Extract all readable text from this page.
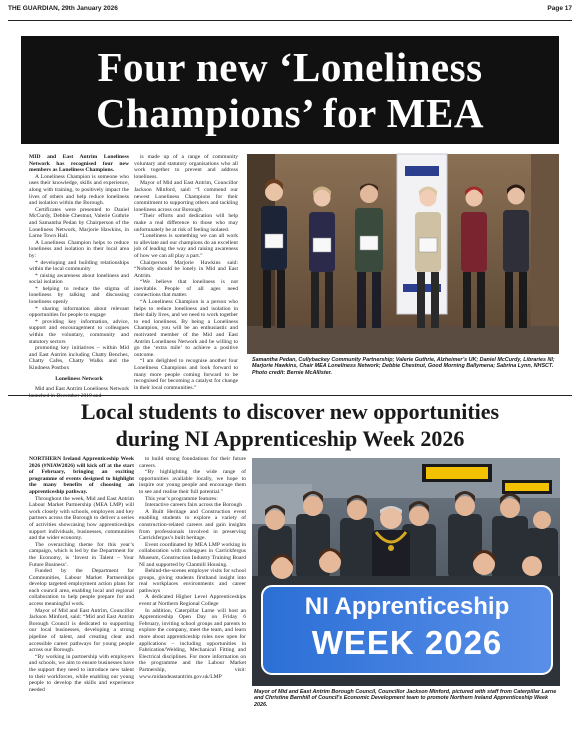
THE GUARDIAN, 29th January 2026	Page 17
Four new ‘Loneliness
Champions’ for MEA

MID and East Antrim Loneliness Network has recognised four new members as Loneliness Champions.

A Loneliness Champion is someone who uses their knowledge, skills and experience, along with training, to positively impact the lives of others and help reduce loneliness and isolation within the Borough.

Certificates were presented to Daniel McCurdy, Debbie Chestnut, Valerie Guthrie and Samantha Pedan by Chairperson of the Loneliness Network, Marjorie Hawkins, in Larne Town Hall.

A Loneliness Champion helps to reduce loneliness and isolation in their local area by:

* developing and building relationships within the local community

* raising awareness about loneliness and social isolation

* helping to reduce the stigma of loneliness by talking and discussing loneliness openly

* sharing information about relevant opportunities for people to engage

* providing key information, advice, support and encouragement to colleagues within the voluntary, community and statutory sectors

promoting key initiatives – within Mid and East Antrim including Chatty Benches, Chatty Cafes, Chatty Walks and the Kindness Postbox

Loneliness Network

Mid and East Antrim Loneliness Network

is made up of a range of community voluntary and statutory organisations who all work together to prevent and address loneliness.

Mayor of Mid and East Antrim, Councillor Jackson Minford, said: “I commend our newest Loneliness Champions for their commitment to supporting others and tackling loneliness across our Borough.

“Their efforts and dedication will help make a real difference to those who may unfortunately be at risk of feeling isolated.

“Loneliness is something we can all work to alleviate and our champions do an excellent job of leading the way and raising awareness of how we can all play a part.”

Chairperson Marjorie Hawkins said: “Nobody should be lonely in Mid and East Antrim.

“We believe that loneliness is not inevitable. People of all ages need connections that matter.

“A Loneliness Champion is a person who helps to reduce loneliness and isolation in their daily lives, and we need to work together to end loneliness. By being a Loneliness Champion, you will be an enthusiastic and motivated member of the Mid and East Antrim Loneliness Network and be willing to go the ‘extra mile’ to achieve a positive outcome.

“I am delighted to recognise another four Loneliness Champions and look forward to many more people coming forward to be recognised for becoming a catalyst for change in their local communities.”

Samantha Pedan, Cullybackey Community Partnership; Valerie Guthrie, Alzheimer’s UK; Daniel McCurdy, Libraries NI; Marjorie Hawkins, Chair MEA Loneliness Network; Debbie Chestnut, Good Morning Ballymena; Sabrina Lynn, NHSCT. Photo credit: Bernie McAllister.
Local students to discover new opportunities
during NI Apprenticeship Week 2026

NORTHERN Ireland Apprenticeship Week 2026 (#NIAW2026) will kick off at the start of February, bringing an exciting programme of events designed to highlight the many benefits of choosing an apprenticeship pathway.

Throughout the week, Mid and East Antrim Labour Market Partnership (MEA LMP) will work closely with schools, employers and key partners across the Borough to deliver a series of activities showcasing how apprenticeships support individuals, businesses, communities and the wider economy.

The overarching theme for this year’s campaign, which is led by the Department for the Economy, is ‘Invest in Talent – Your Future Business’.

Funded by the Department for Communities, Labour Market Partnerships develop targeted employment action plans for each council area, enabling local and regional collaboration to help people prepare for and access meaningful work.

Mayor of Mid and East Antrim, Councillor Jackson Minford, said: “Mid and East Antrim Borough Council is dedicated to supporting our local businesses, developing a strong pipeline of talent, and creating clear and accessible career pathways for young people across our Borough.

“By working in partnership with employers and schools, we aim to ensure businesses have the support they need to introduce new talent to their workforces, while enabling our young people to develop the skills and experience needed

to build strong foundations for their future careers.

“By highlighting the wide range of opportunities available locally, we hope to inspire our young people and encourage them to see and realise their full potential.”

This year’s programme features:

Interactive careers fairs across the Borough

A Built Heritage and Construction event enabling students to explore a variety of construction-related careers and gain insights from professionals involved in preserving Carrickfergus’s built heritage.

Event coordinated by MEA LMP working in collaboration with colleagues in Carrickfergus Museum, Construction Industry Training Board NI and supported by Clanmill Housing.

Behind-the-scenes employer visits for school groups, giving students firsthand insight into real workplaces environments and career pathways

A dedicated Higher Level Apprenticeships event at Northern Regional College

In addition, Caterpillar Larne will host an Apprenticeship Open Day on Friday 6 February, inviting school groups and parents to explore the company, meet the team, and learn more about apprenticeship roles now open for applications – including opportunities in Fabrication/Welding, Mechanical Fitting and Electrical disciplines. For more information on the programme and the Labour Market Partnership, visit: www.midandeastantrim.gov.uk/LMP

NI Apprenticeship
WEEK 2026
Mayor of Mid and East Antrim Borough Council, Councillor Jackson Minford, pictured with staff from Caterpillar Larne and Christine Barnhill of Council’s Economic Development team to promote Northern Ireland Apprenticeship Week 2026.
